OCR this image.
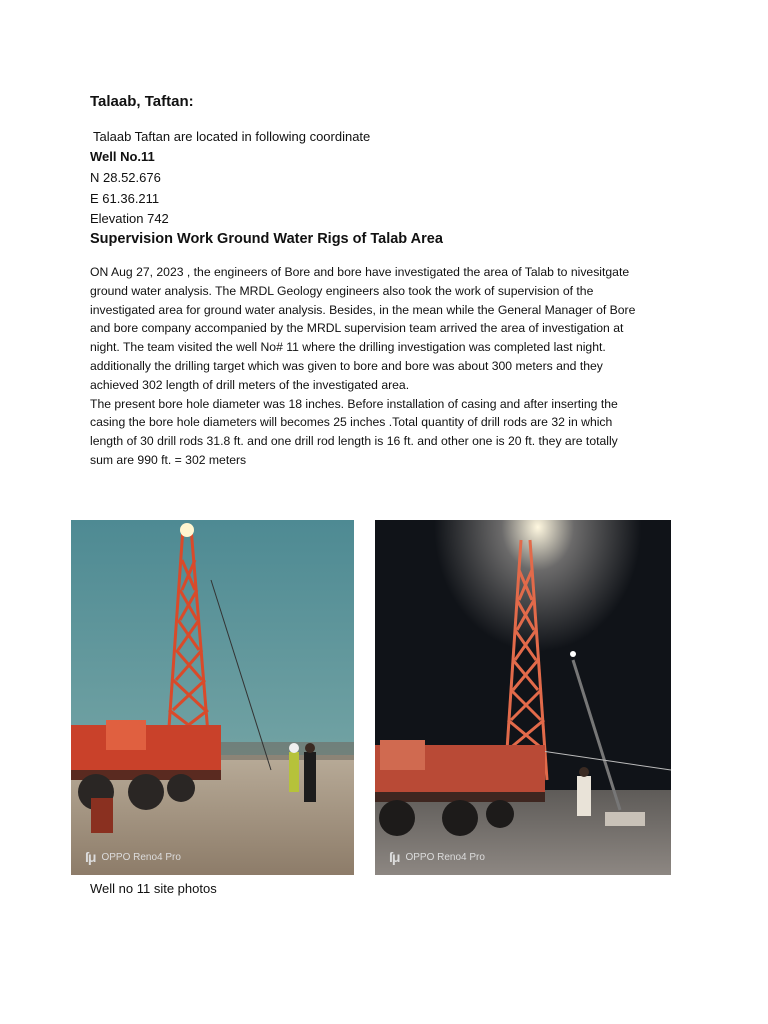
Talaab, Taftan:
Talaab Taftan are located in following coordinate
Well No.11
N 28.52.676
E 61.36.211
Elevation 742
Supervision Work Ground Water Rigs of Talab Area
ON Aug 27, 2023 , the engineers of Bore and bore have investigated the area of Talab to nivesitgate
ground water analysis. The MRDL Geology engineers also took the work of supervision of the
investigated area for ground water analysis. Besides, in the mean while the General Manager of Bore
and bore company accompanied by the MRDL supervision team arrived the area of investigation at
night. The team visited the well No# 11 where the drilling investigation was completed last night.
additionally the drilling target which was given to bore and bore was about 300 meters and they
achieved 302 length of drill meters of the investigated area.
The present bore hole diameter was 18 inches. Before installation of casing and after inserting the
casing the bore hole diameters will becomes 25 inches .Total quantity of drill rods are 32 in which
length of 30 drill rods 31.8 ft. and one drill rod length is 16 ft. and other one is 20 ft. they are totally
sum are 990 ft. = 302 meters
ſμ OPPO Reno4 Pro	ſμ OPPO Reno4 Pro
Well no 11 site photos
